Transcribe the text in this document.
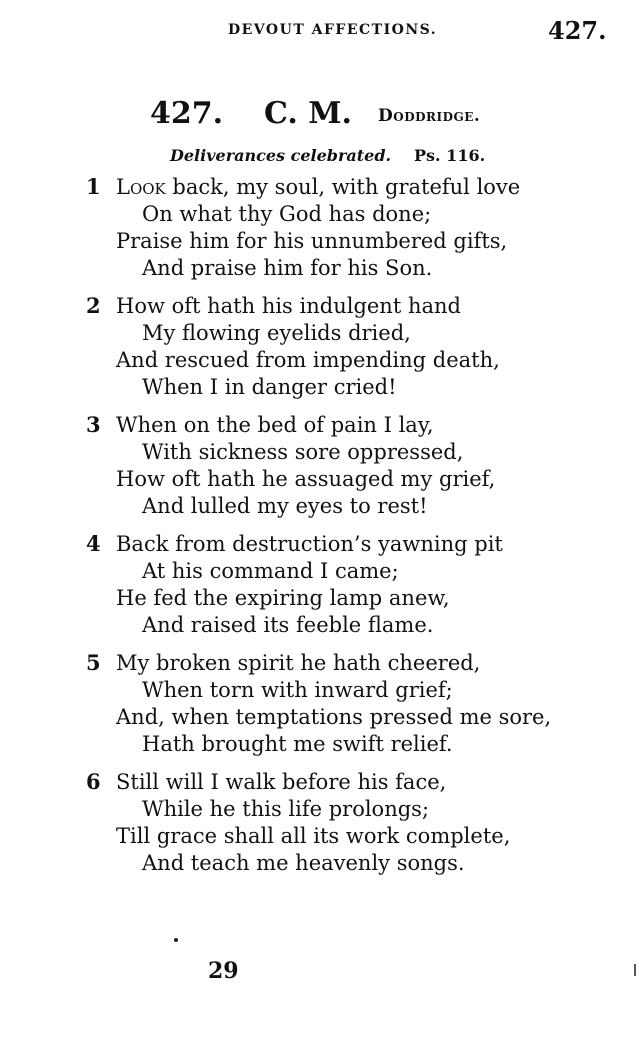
DEVOUT AFFECTIONS.	427.
427. C. M. Doddridge.
Deliverances celebrated. Ps. 116.
1 Look back, my soul, with grateful love
On what thy God has done;
Praise him for his unnumbered gifts,
And praise him for his Son.
2 How oft hath his indulgent hand
My flowing eyelids dried,
And rescued from impending death,
When I in danger cried!
3 When on the bed of pain I lay,
With sickness sore oppressed,
How oft hath he assuaged my grief,
And lulled my eyes to rest!
4 Back from destruction’s yawning pit
At his command I came;
He fed the expiring lamp anew,
And raised its feeble flame.
5 My broken spirit he hath cheered,
When torn with inward grief;
And, when temptations pressed me sore,
Hath brought me swift relief.
6 Still will I walk before his face,
While he this life prolongs;
Till grace shall all its work complete,
And teach me heavenly songs.
29
